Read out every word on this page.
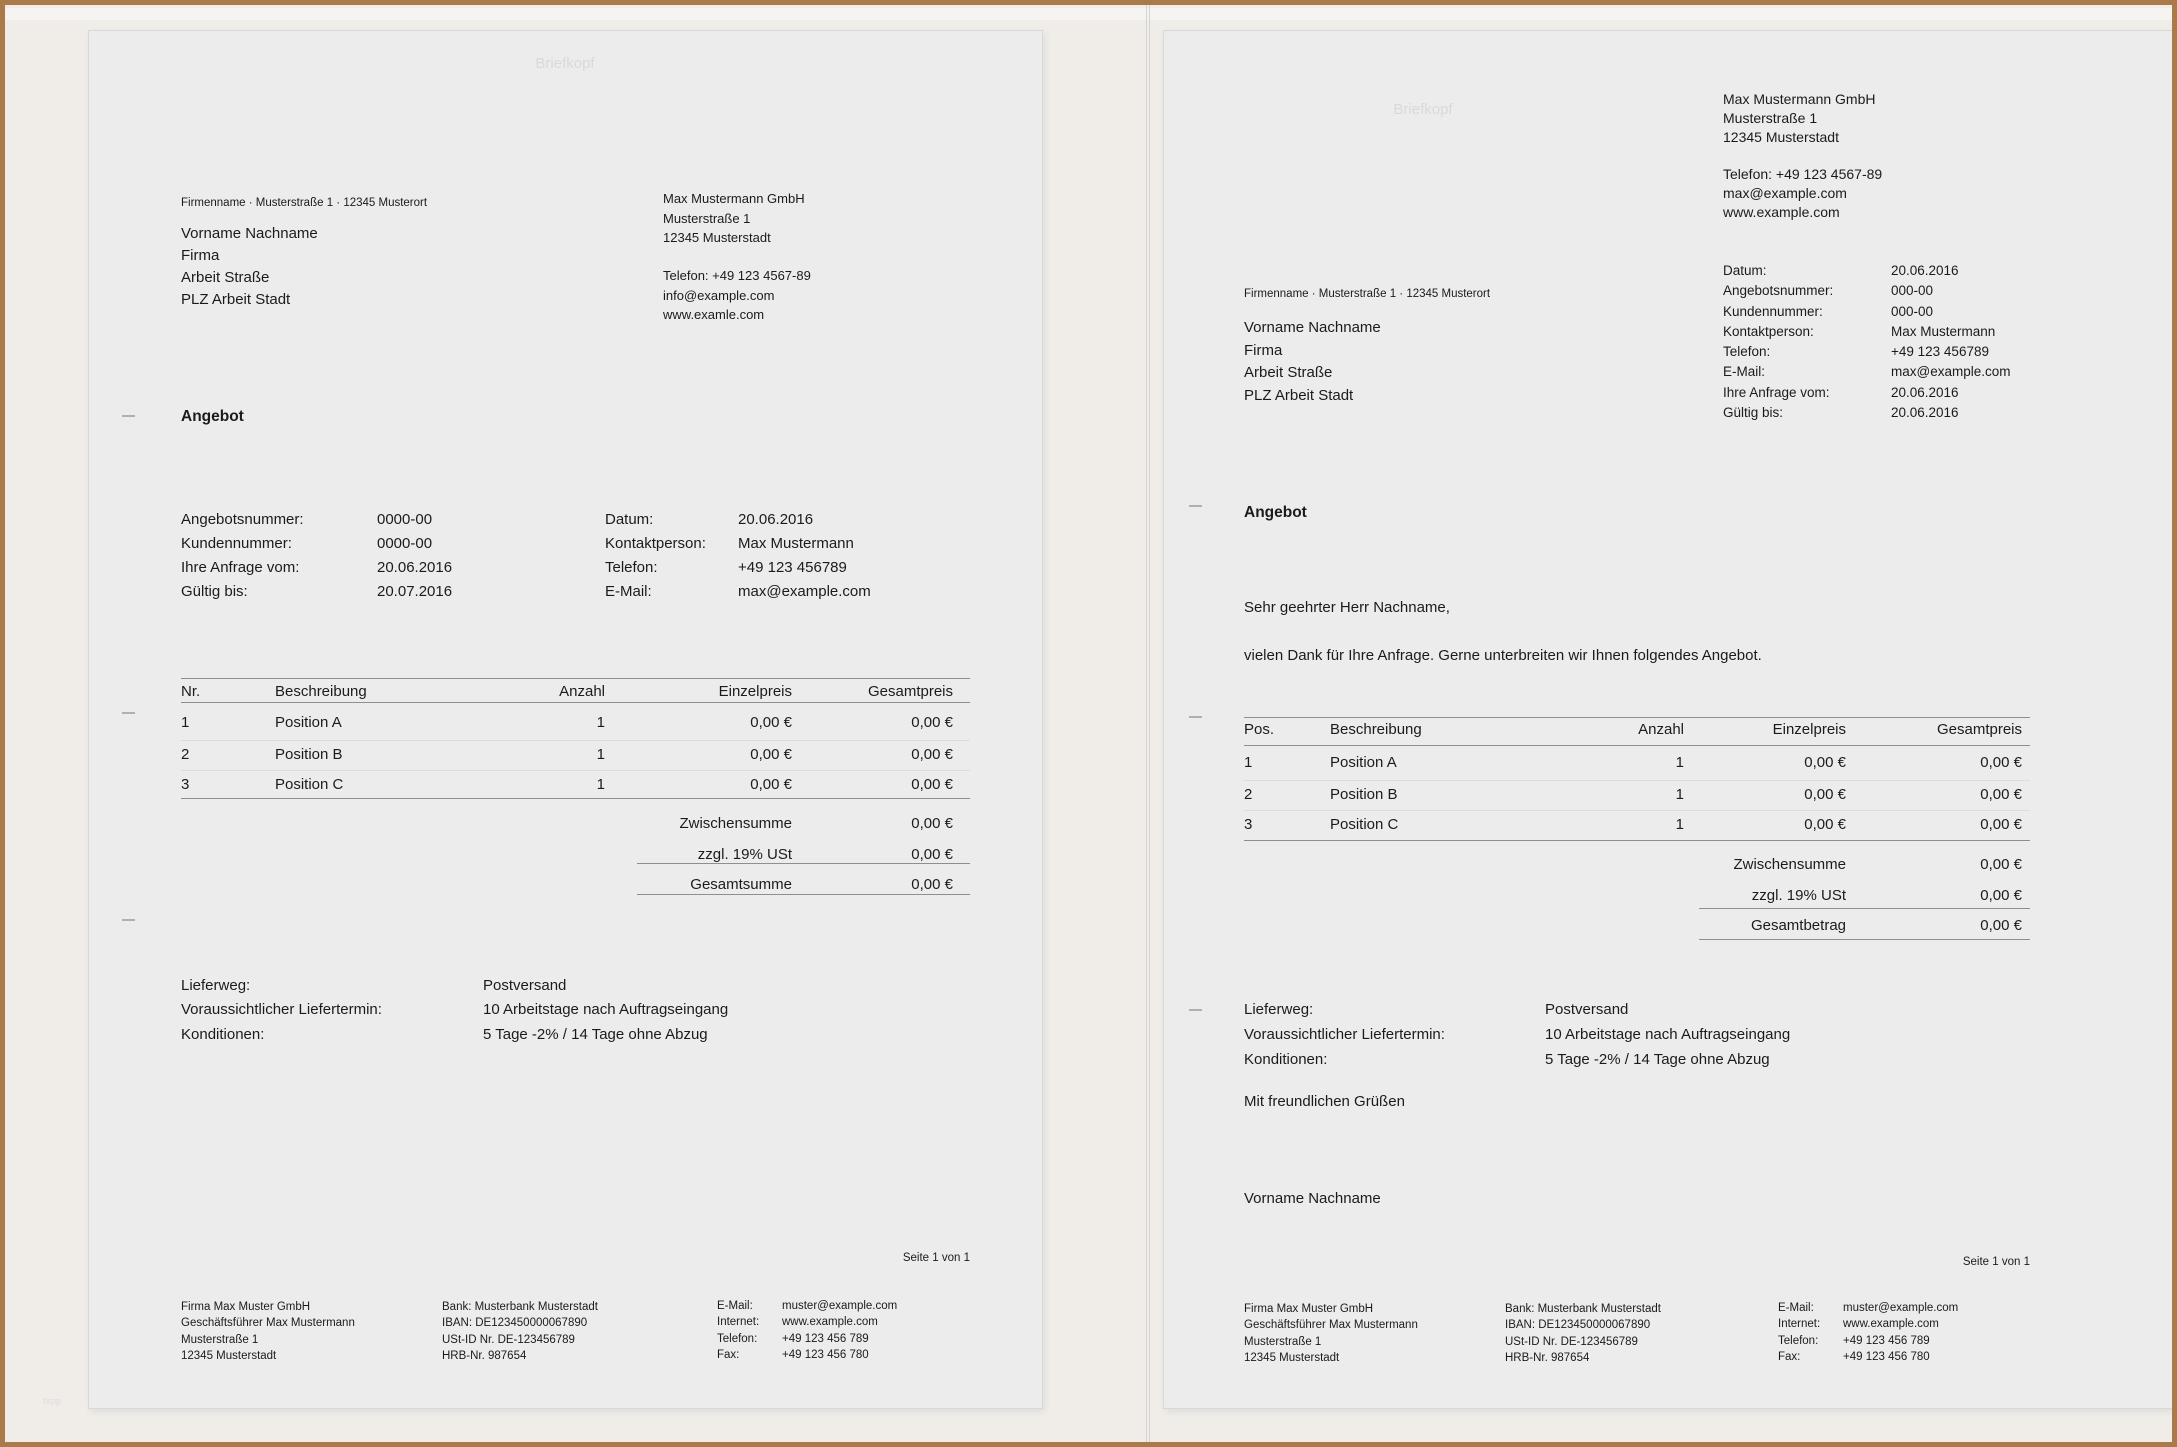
Briefkopf
Firmenname · Musterstraße 1 · 12345 Musterort
Vorname Nachname
Firma
Arbeit Straße
PLZ Arbeit Stadt
Max Mustermann GmbH
Musterstraße 1
12345 Musterstadt
Telefon: +49 123 4567-89
info@example.com
www.examle.com
Angebot
Angebotsnummer:	0000-00
Kundennummer:	0000-00
Ihre Anfrage vom:	20.06.2016
Gültig bis:	20.07.2016
Datum:	20.06.2016
Kontaktperson: Max Mustermann
Telefon:	+49 123 456789
E-Mail:	max@example.com
Nr.	Beschreibung	Anzahl	Einzelpreis	Gesamtpreis
1	Position A	1	0,00 €	0,00 €
2	Position B	1	0,00 €	0,00 €
3	Position C	1	0,00 €	0,00 €
Zwischensumme	0,00 €
zzgl. 19% USt	0,00 €
Gesamtsumme	0,00 €
Lieferweg:	Postversand
Voraussichtlicher Liefertermin:	10 Arbeitstage nach Auftragseingang
Konditionen:	5 Tage -2% / 14 Tage ohne Abzug
Seite 1 von 1
Firma Max Muster GmbH
Geschäftsführer Max Mustermann
Musterstraße 1
12345 Musterstadt
Bank: Musterbank Musterstadt
IBAN: DE123450000067890
USt-ID Nr. DE-123456789
HRB-Nr. 987654
E-Mail:	muster@example.com
Internet: www.example.com
Telefon: +49 123 456 789
Fax:	+49 123 456 780
hrpp
Briefkopf
Max Mustermann GmbH
Musterstraße 1
12345 Musterstadt
Telefon: +49 123 4567-89
max@example.com
www.example.com
Datum:	20.06.2016
Angebotsnummer:	000-00
Kundennummer:	000-00
Kontaktperson:	Max Mustermann
Telefon:	+49 123 456789
E-Mail:	max@example.com
Ihre Anfrage vom:	20.06.2016
Gültig bis:	20.06.2016
Firmenname · Musterstraße 1 · 12345 Musterort
Vorname Nachname
Firma
Arbeit Straße
PLZ Arbeit Stadt
Angebot
Sehr geehrter Herr Nachname,
vielen Dank für Ihre Anfrage. Gerne unterbreiten wir Ihnen folgendes Angebot.
Pos.	Beschreibung	Anzahl	Einzelpreis	Gesamtpreis
1	Position A	1	0,00 €	0,00 €
2	Position B	1	0,00 €	0,00 €
3	Position C	1	0,00 €	0,00 €
Zwischensumme	0,00 €
zzgl. 19% USt	0,00 €
Gesamtbetrag	0,00 €
Lieferweg:	Postversand
Voraussichtlicher Liefertermin:	10 Arbeitstage nach Auftragseingang
Konditionen:	5 Tage -2% / 14 Tage ohne Abzug
Mit freundlichen Grüßen
Vorname Nachname
Seite 1 von 1
Firma Max Muster GmbH
Geschäftsführer Max Mustermann
Musterstraße 1
12345 Musterstadt
Bank: Musterbank Musterstadt
IBAN: DE123450000067890
USt-ID Nr. DE-123456789
HRB-Nr. 987654
E-Mail:	muster@example.com
Internet: www.example.com
Telefon: +49 123 456 789
Fax:	+49 123 456 780
